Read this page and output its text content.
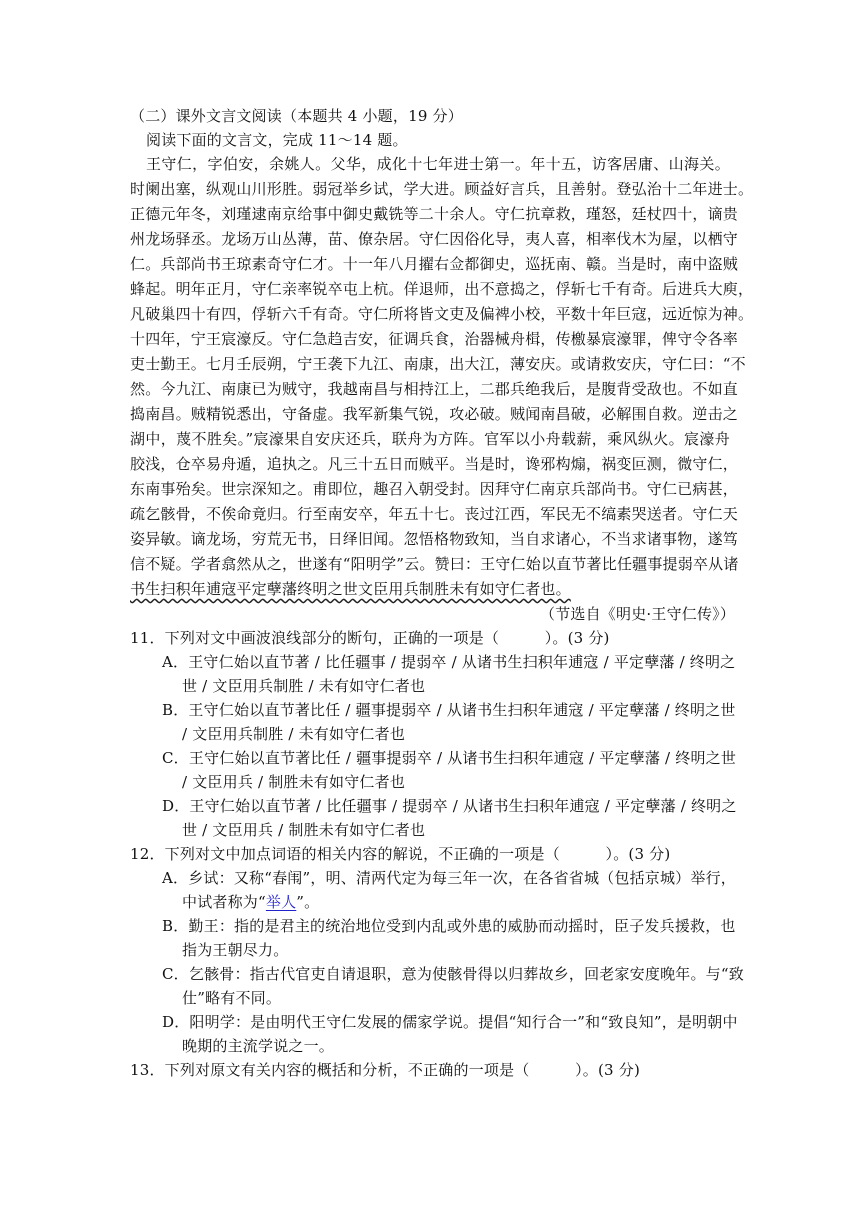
（二）课外文言文阅读（本题共 4 小题，19 分）
阅读下面的文言文，完成 11～14 题。
王守仁，字伯安，余姚人。父华，成化十七年进士第一。年十五，访客居庸、山海关。
时阑出塞，纵观山川形胜。弱冠举乡试，学大进。顾益好言兵，且善射。登弘治十二年进士。
正德元年冬，刘瑾逮南京给事中御史戴铣等二十余人。守仁抗章救，瑾怒，廷杖四十，谪贵
州龙场驿丞。龙场万山丛薄，苗、僚杂居。守仁因俗化导，夷人喜，相率伐木为屋，以栖守
仁。兵部尚书王琼素奇守仁才。十一年八月擢右佥都御史，巡抚南、赣。当是时，南中盗贼
蜂起。明年正月，守仁亲率锐卒屯上杭。佯退师，出不意捣之，俘斩七千有奇。后进兵大庾，
凡破巢四十有四，俘斩六千有奇。守仁所将皆文吏及偏裨小校，平数十年巨寇，远近惊为神。
十四年，宁王宸濠反。守仁急趋吉安，征调兵食，治器械舟楫，传檄暴宸濠罪，俾守令各率
吏士勤王。七月壬辰朔，宁王袭下九江、南康，出大江，薄安庆。或请救安庆，守仁曰：“不
然。今九江、南康已为贼守，我越南昌与相持江上，二郡兵绝我后，是腹背受敌也。不如直
捣南昌。贼精锐悉出，守备虚。我军新集气锐，攻必破。贼闻南昌破，必解围自救。逆击之
湖中，蔑不胜矣。”宸濠果自安庆还兵，联舟为方阵。官军以小舟载薪，乘风纵火。宸濠舟
胶浅，仓卒易舟遁，追执之。凡三十五日而贼平。当是时，谗邪构煽，祸变叵测，微守仁，
东南事殆矣。世宗深知之。甫即位，趣召入朝受封。因拜守仁南京兵部尚书。守仁已病甚，
疏乞骸骨，不俟命竟归。行至南安卒，年五十七。丧过江西，军民无不缟素哭送者。守仁天
姿异敏。谪龙场，穷荒无书，日绎旧闻。忽悟格物致知，当自求诸心，不当求诸事物，遂笃
信不疑。学者翕然从之，世遂有“阳明学”云。赞曰：王守仁始以直节著比任疆事提弱卒从诸
书生扫积年逋寇平定孽藩终明之世文臣用兵制胜未有如守仁者也。
（节选自《明史·王守仁传》）
11．下列对文中画波浪线部分的断句，正确的一项是（　　　）。(3 分)
A．王守仁始以直节著 / 比任疆事 / 提弱卒 / 从诸书生扫积年逋寇 / 平定孽藩 / 终明之
世 / 文臣用兵制胜 / 未有如守仁者也
B．王守仁始以直节著比任 / 疆事提弱卒 / 从诸书生扫积年逋寇 / 平定孽藩 / 终明之世
/ 文臣用兵制胜 / 未有如守仁者也
C．王守仁始以直节著比任 / 疆事提弱卒 / 从诸书生扫积年逋寇 / 平定孽藩 / 终明之世
/ 文臣用兵 / 制胜未有如守仁者也
D．王守仁始以直节著 / 比任疆事 / 提弱卒 / 从诸书生扫积年逋寇 / 平定孽藩 / 终明之
世 / 文臣用兵 / 制胜未有如守仁者也
12．下列对文中加点词语的相关内容的解说，不正确的一项是（　　　）。(3 分)
A．乡试：又称“春闱”，明、清两代定为每三年一次，在各省省城（包括京城）举行，
中试者称为“举人”。
B．勤王：指的是君主的统治地位受到内乱或外患的威胁而动摇时，臣子发兵援救，也
指为王朝尽力。
C．乞骸骨：指古代官吏自请退职，意为使骸骨得以归葬故乡，回老家安度晚年。与“致
仕”略有不同。
D．阳明学：是由明代王守仁发展的儒家学说。提倡“知行合一”和“致良知”，是明朝中
晚期的主流学说之一。
13．下列对原文有关内容的概括和分析，不正确的一项是（　　　）。(3 分)
